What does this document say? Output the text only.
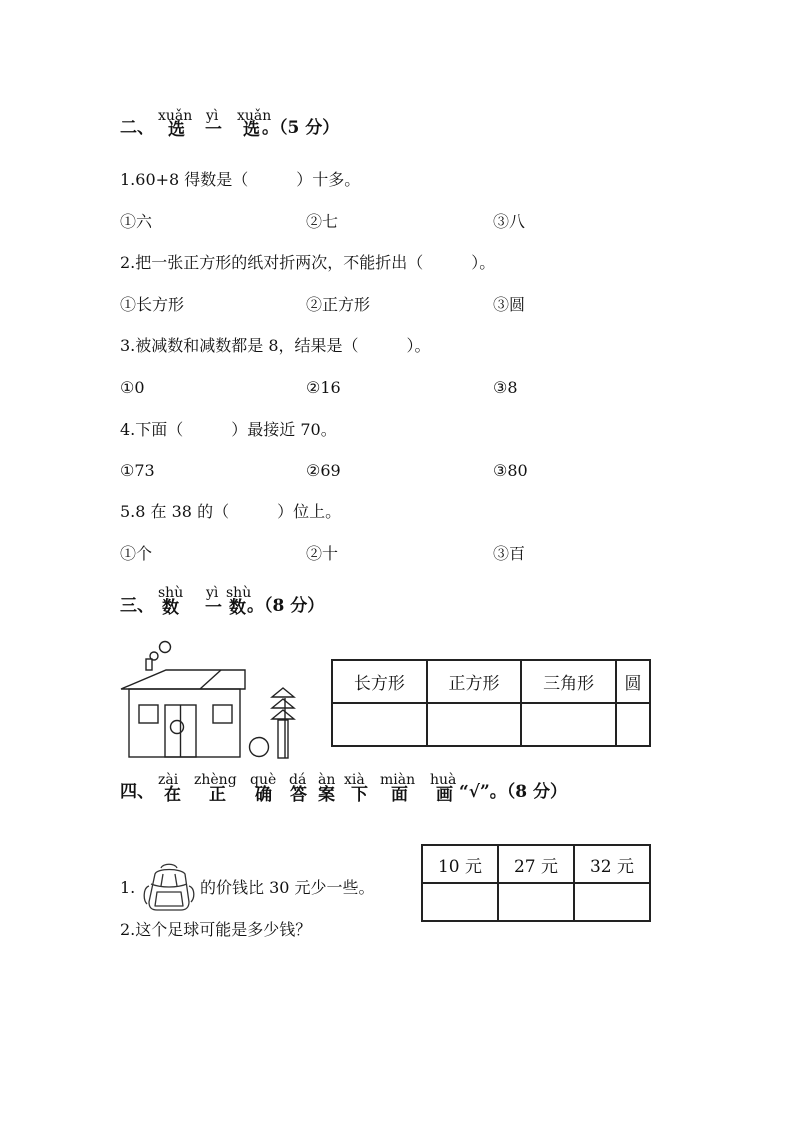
二、
xuǎn yì xuǎn
选 一 选 。（5 分）
1.60+8 得数是（　　　）十多。
①六	②七	③八
2.把一张正方形的纸对折两次，不能折出（　　　）。
①长方形	②正方形	③圆
3.被减数和减数都是 8，结果是（　　　）。
①0	②16	③8
4.下面（　　　）最接近 70。
①73	②69	③80
5.8 在 38 的（　　　）位上。
①个	②十	③百
三、
shù yì shù
数 一 数 。（8 分）
长方形	正方形	三角形	圆

四、
zài zhèng què dá àn xià miàn huà
在 正 确 答 案 下 面 画 “√”。（8 分）
1.	的价钱比 30 元少一些。
2.这个足球可能是多少钱？
10 元	27 元	32 元
